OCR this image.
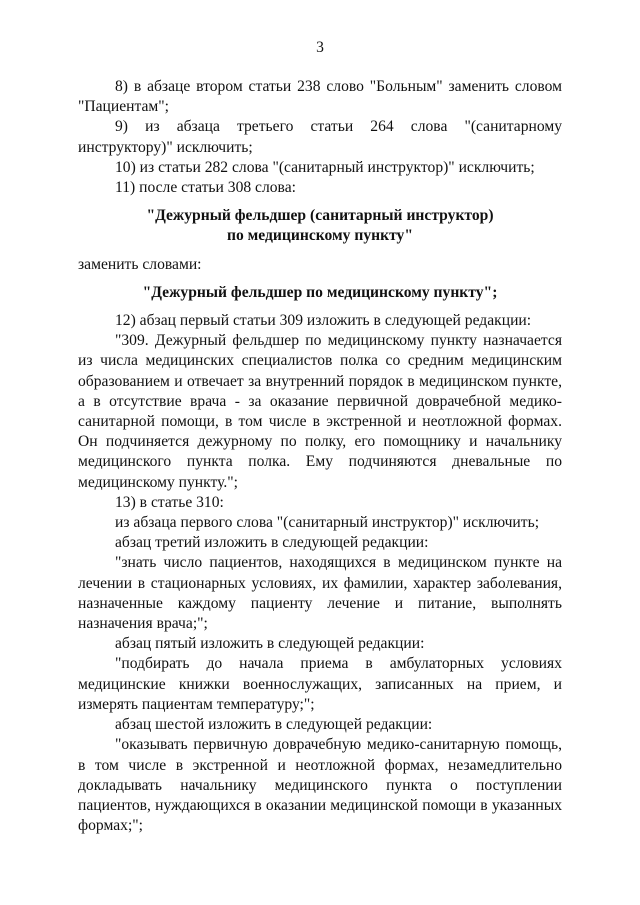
3

8) в абзаце втором статьи 238 слово "Больным" заменить словом "Пациентам";

9) из абзаца третьего статьи 264 слова "(санитарному инструктору)" исключить;

10) из статьи 282 слова "(санитарный инструктор)" исключить;

11) после статьи 308 слова:

"Дежурный фельдшер (санитарный инструктор)

по медицинскому пункту"

заменить словами:

"Дежурный фельдшер по медицинскому пункту";

12) абзац первый статьи 309 изложить в следующей редакции:

"309. Дежурный фельдшер по медицинскому пункту назначается из числа медицинских специалистов полка со средним медицинским образованием и отвечает за внутренний порядок в медицинском пункте, а в отсутствие врача - за оказание первичной доврачебной медико-санитарной помощи, в том числе в экстренной и неотложной формах. Он подчиняется дежурному по полку, его помощнику и начальнику медицинского пункта полка. Ему подчиняются дневальные по медицинскому пункту.";

13) в статье 310:

из абзаца первого слова "(санитарный инструктор)" исключить;

абзац третий изложить в следующей редакции:

"знать число пациентов, находящихся в медицинском пункте на лечении в стационарных условиях, их фамилии, характер заболевания, назначенные каждому пациенту лечение и питание, выполнять назначения врача;";

абзац пятый изложить в следующей редакции:

"подбирать до начала приема в амбулаторных условиях медицинские книжки военнослужащих, записанных на прием, и измерять пациентам температуру;";

абзац шестой изложить в следующей редакции:

"оказывать первичную доврачебную медико-санитарную помощь, в том числе в экстренной и неотложной формах, незамедлительно докладывать начальнику медицинского пункта о поступлении пациентов, нуждающихся в оказании медицинской помощи в указанных формах;";
